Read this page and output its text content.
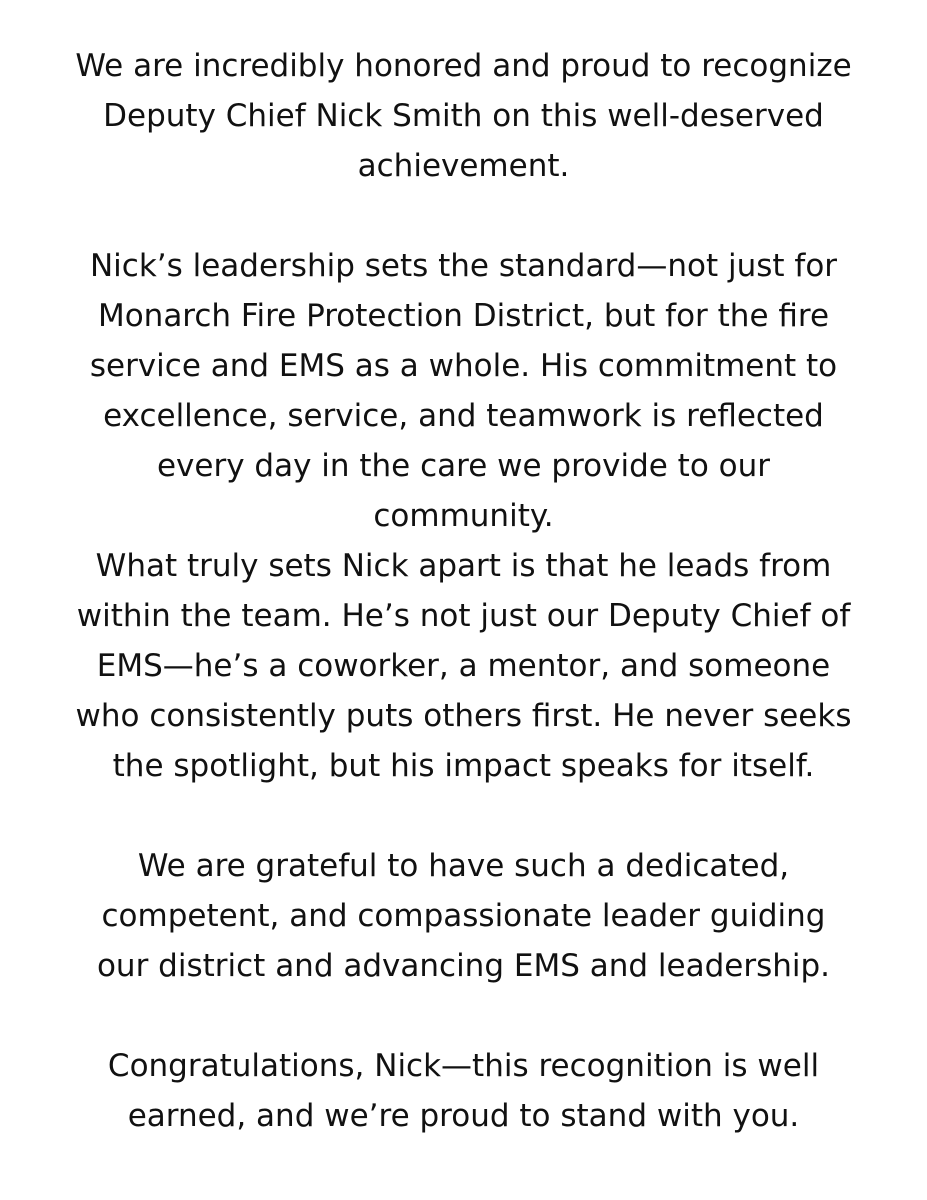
We are incredibly honored and proud to recognize
Deputy Chief Nick Smith on this well-deserved
achievement.
Nick’s leadership sets the standard—not just for
Monarch Fire Protection District, but for the fire
service and EMS as a whole. His commitment to
excellence, service, and teamwork is reflected
every day in the care we provide to our
community.
What truly sets Nick apart is that he leads from
within the team. He’s not just our Deputy Chief of
EMS—he’s a coworker, a mentor, and someone
who consistently puts others first. He never seeks
the spotlight, but his impact speaks for itself.
We are grateful to have such a dedicated,
competent, and compassionate leader guiding
our district and advancing EMS and leadership.
Congratulations, Nick—this recognition is well
earned, and we’re proud to stand with you.
